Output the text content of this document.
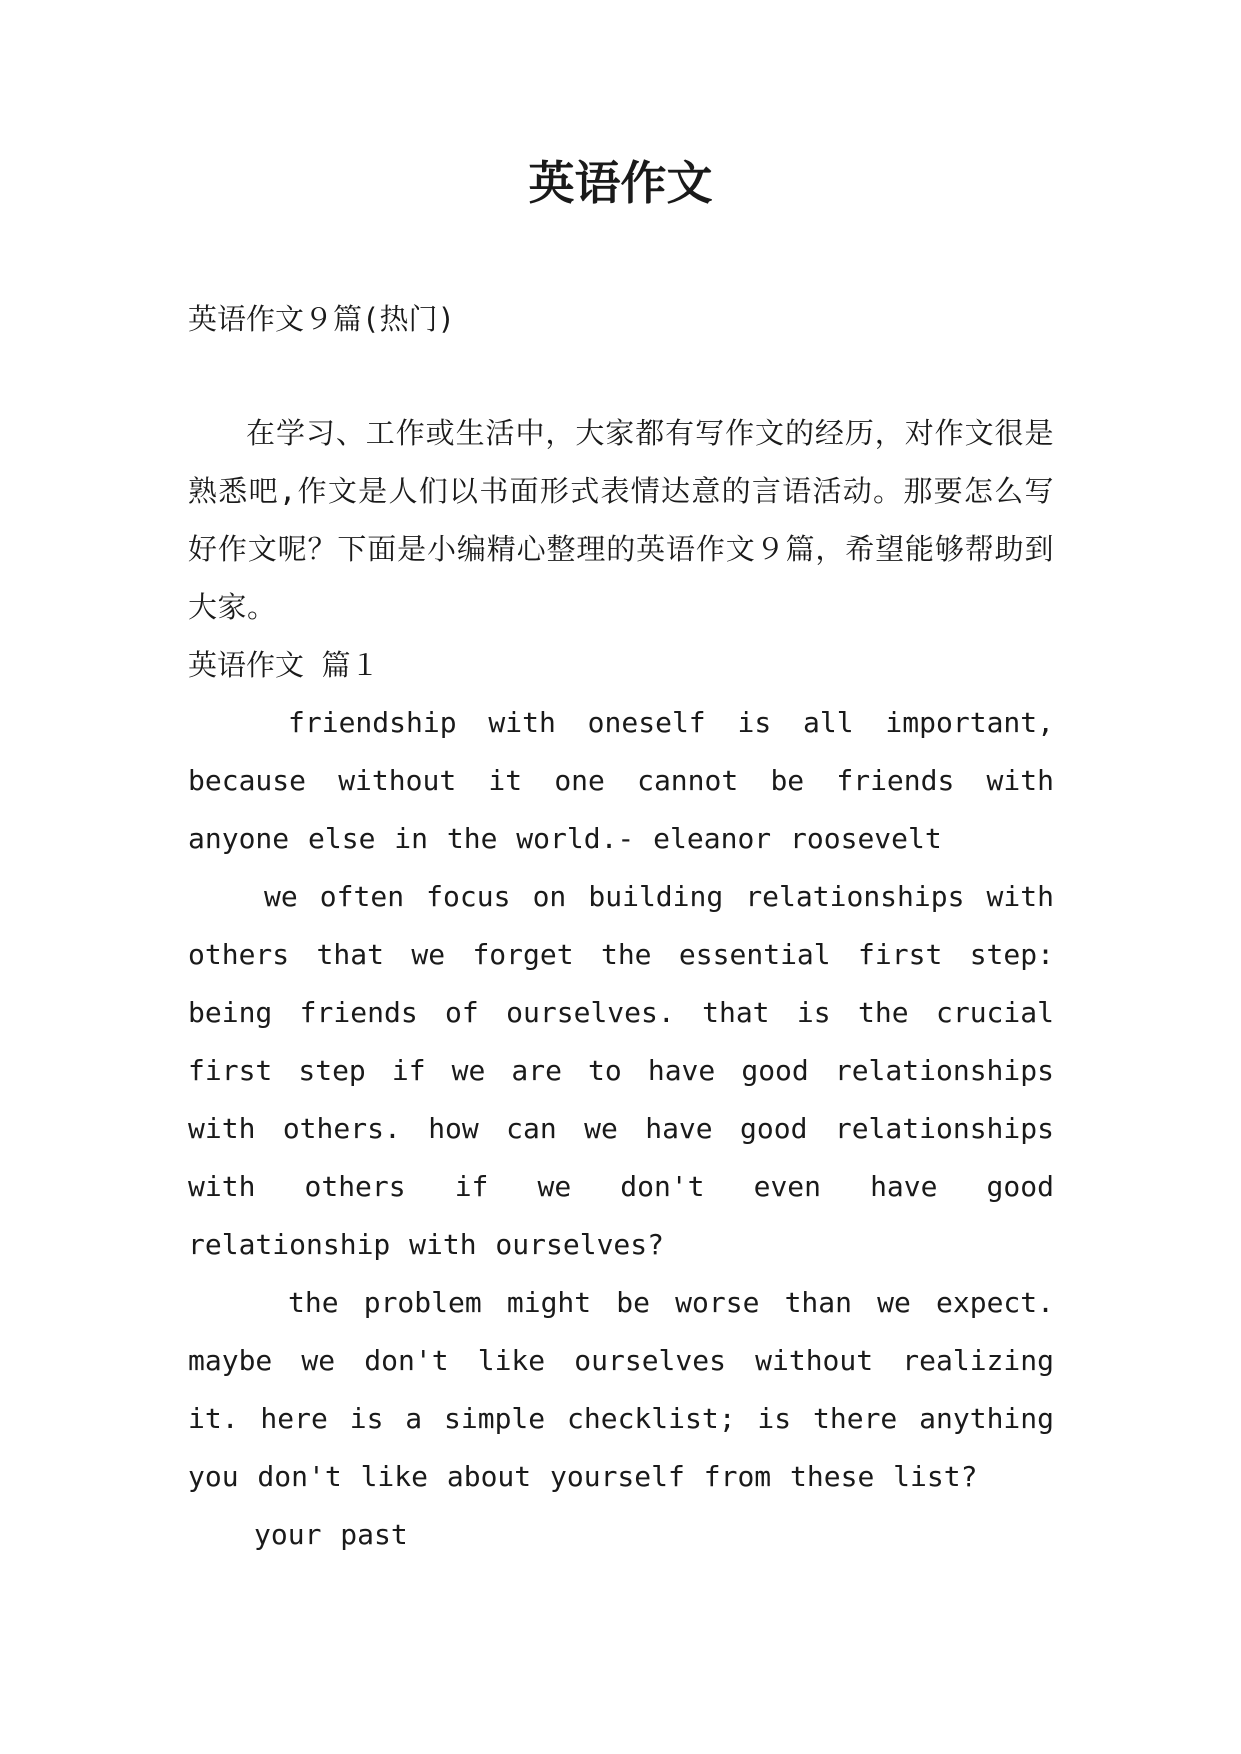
英语作文

英语作文９篇(热门)

在学习、工作或生活中，大家都有写作文的经历，对作文很是熟悉吧,作文是人们以书面形式表情达意的言语活动。那要怎么写好作文呢？下面是小编精心整理的英语作文９篇，希望能够帮助到大家。

英语作文 篇１

friendship with oneself is all important, because without it one cannot be friends with anyone else in the world.- eleanor roosevelt

we often focus on building relationships with others that we forget the essential first step: being friends of ourselves. that is the crucial first step if we are to have good relationships with others. how can we have good relationships with others if we don't even have good relationship with ourselves?

the problem might be worse than we expect. maybe we don't like ourselves without realizing it. here is a simple checklist; is there anything you don't like about yourself from these list?

your past
